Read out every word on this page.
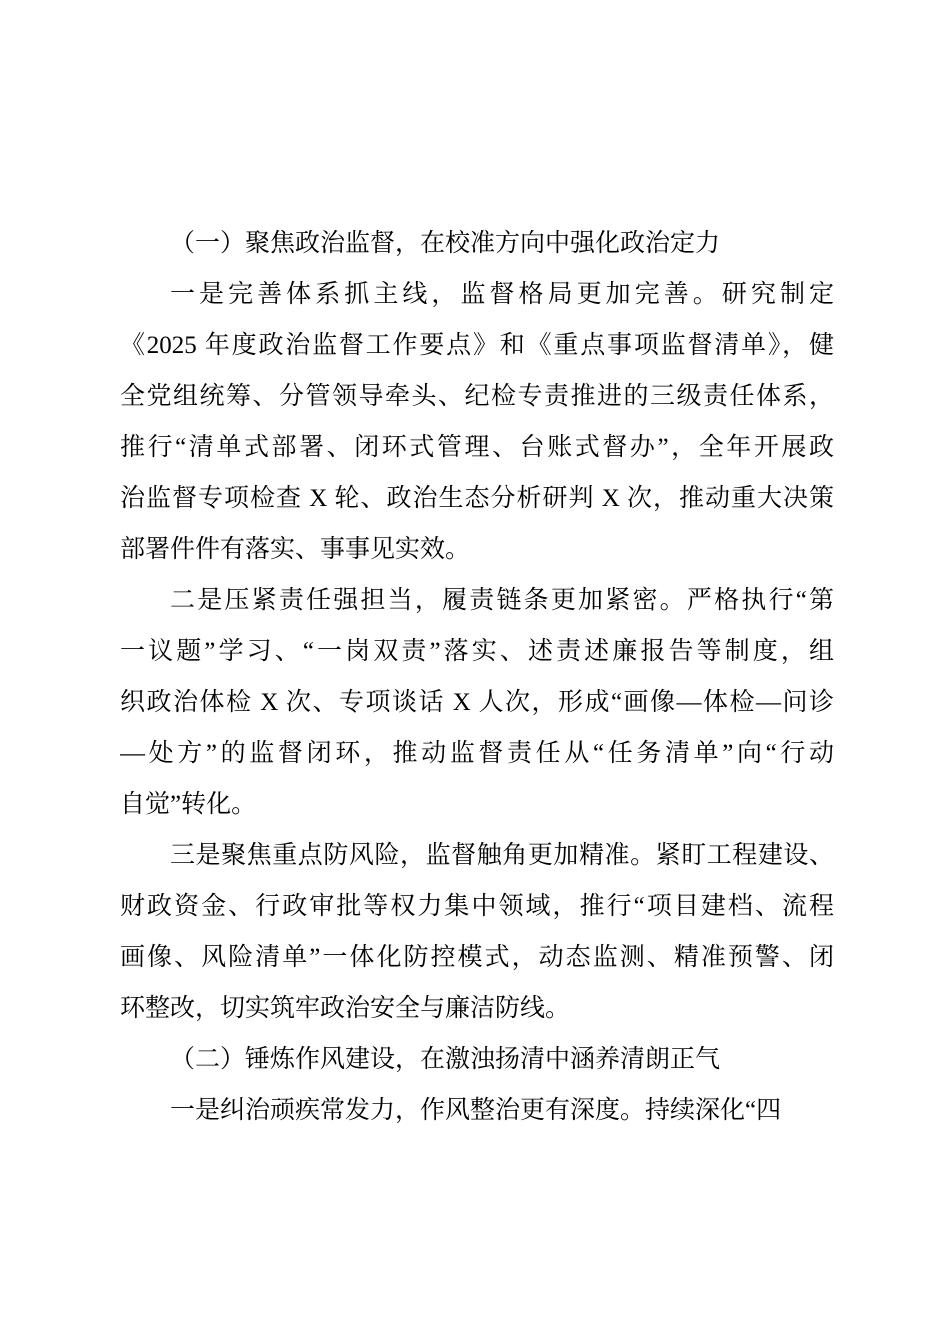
（一）聚焦政治监督，在校准方向中强化政治定力
一是完善体系抓主线，监督格局更加完善。研究制定
《2025 年度政治监督工作要点》和《重点事项监督清单》，健
全党组统筹、分管领导牵头、纪检专责推进的三级责任体系，
推行“清单式部署、闭环式管理、台账式督办”，全年开展政
治监督专项检查 X 轮、政治生态分析研判 X 次，推动重大决策
部署件件有落实、事事见实效。
二是压紧责任强担当，履责链条更加紧密。严格执行“第
一议题”学习、“一岗双责”落实、述责述廉报告等制度，组
织政治体检 X 次、专项谈话 X 人次，形成“画像—体检—问诊
—处方”的监督闭环，推动监督责任从“任务清单”向“行动
自觉”转化。
三是聚焦重点防风险，监督触角更加精准。紧盯工程建设、
财政资金、行政审批等权力集中领域，推行“项目建档、流程
画像、风险清单”一体化防控模式，动态监测、精准预警、闭
环整改，切实筑牢政治安全与廉洁防线。
（二）锤炼作风建设，在激浊扬清中涵养清朗正气
一是纠治顽疾常发力，作风整治更有深度。持续深化“四
